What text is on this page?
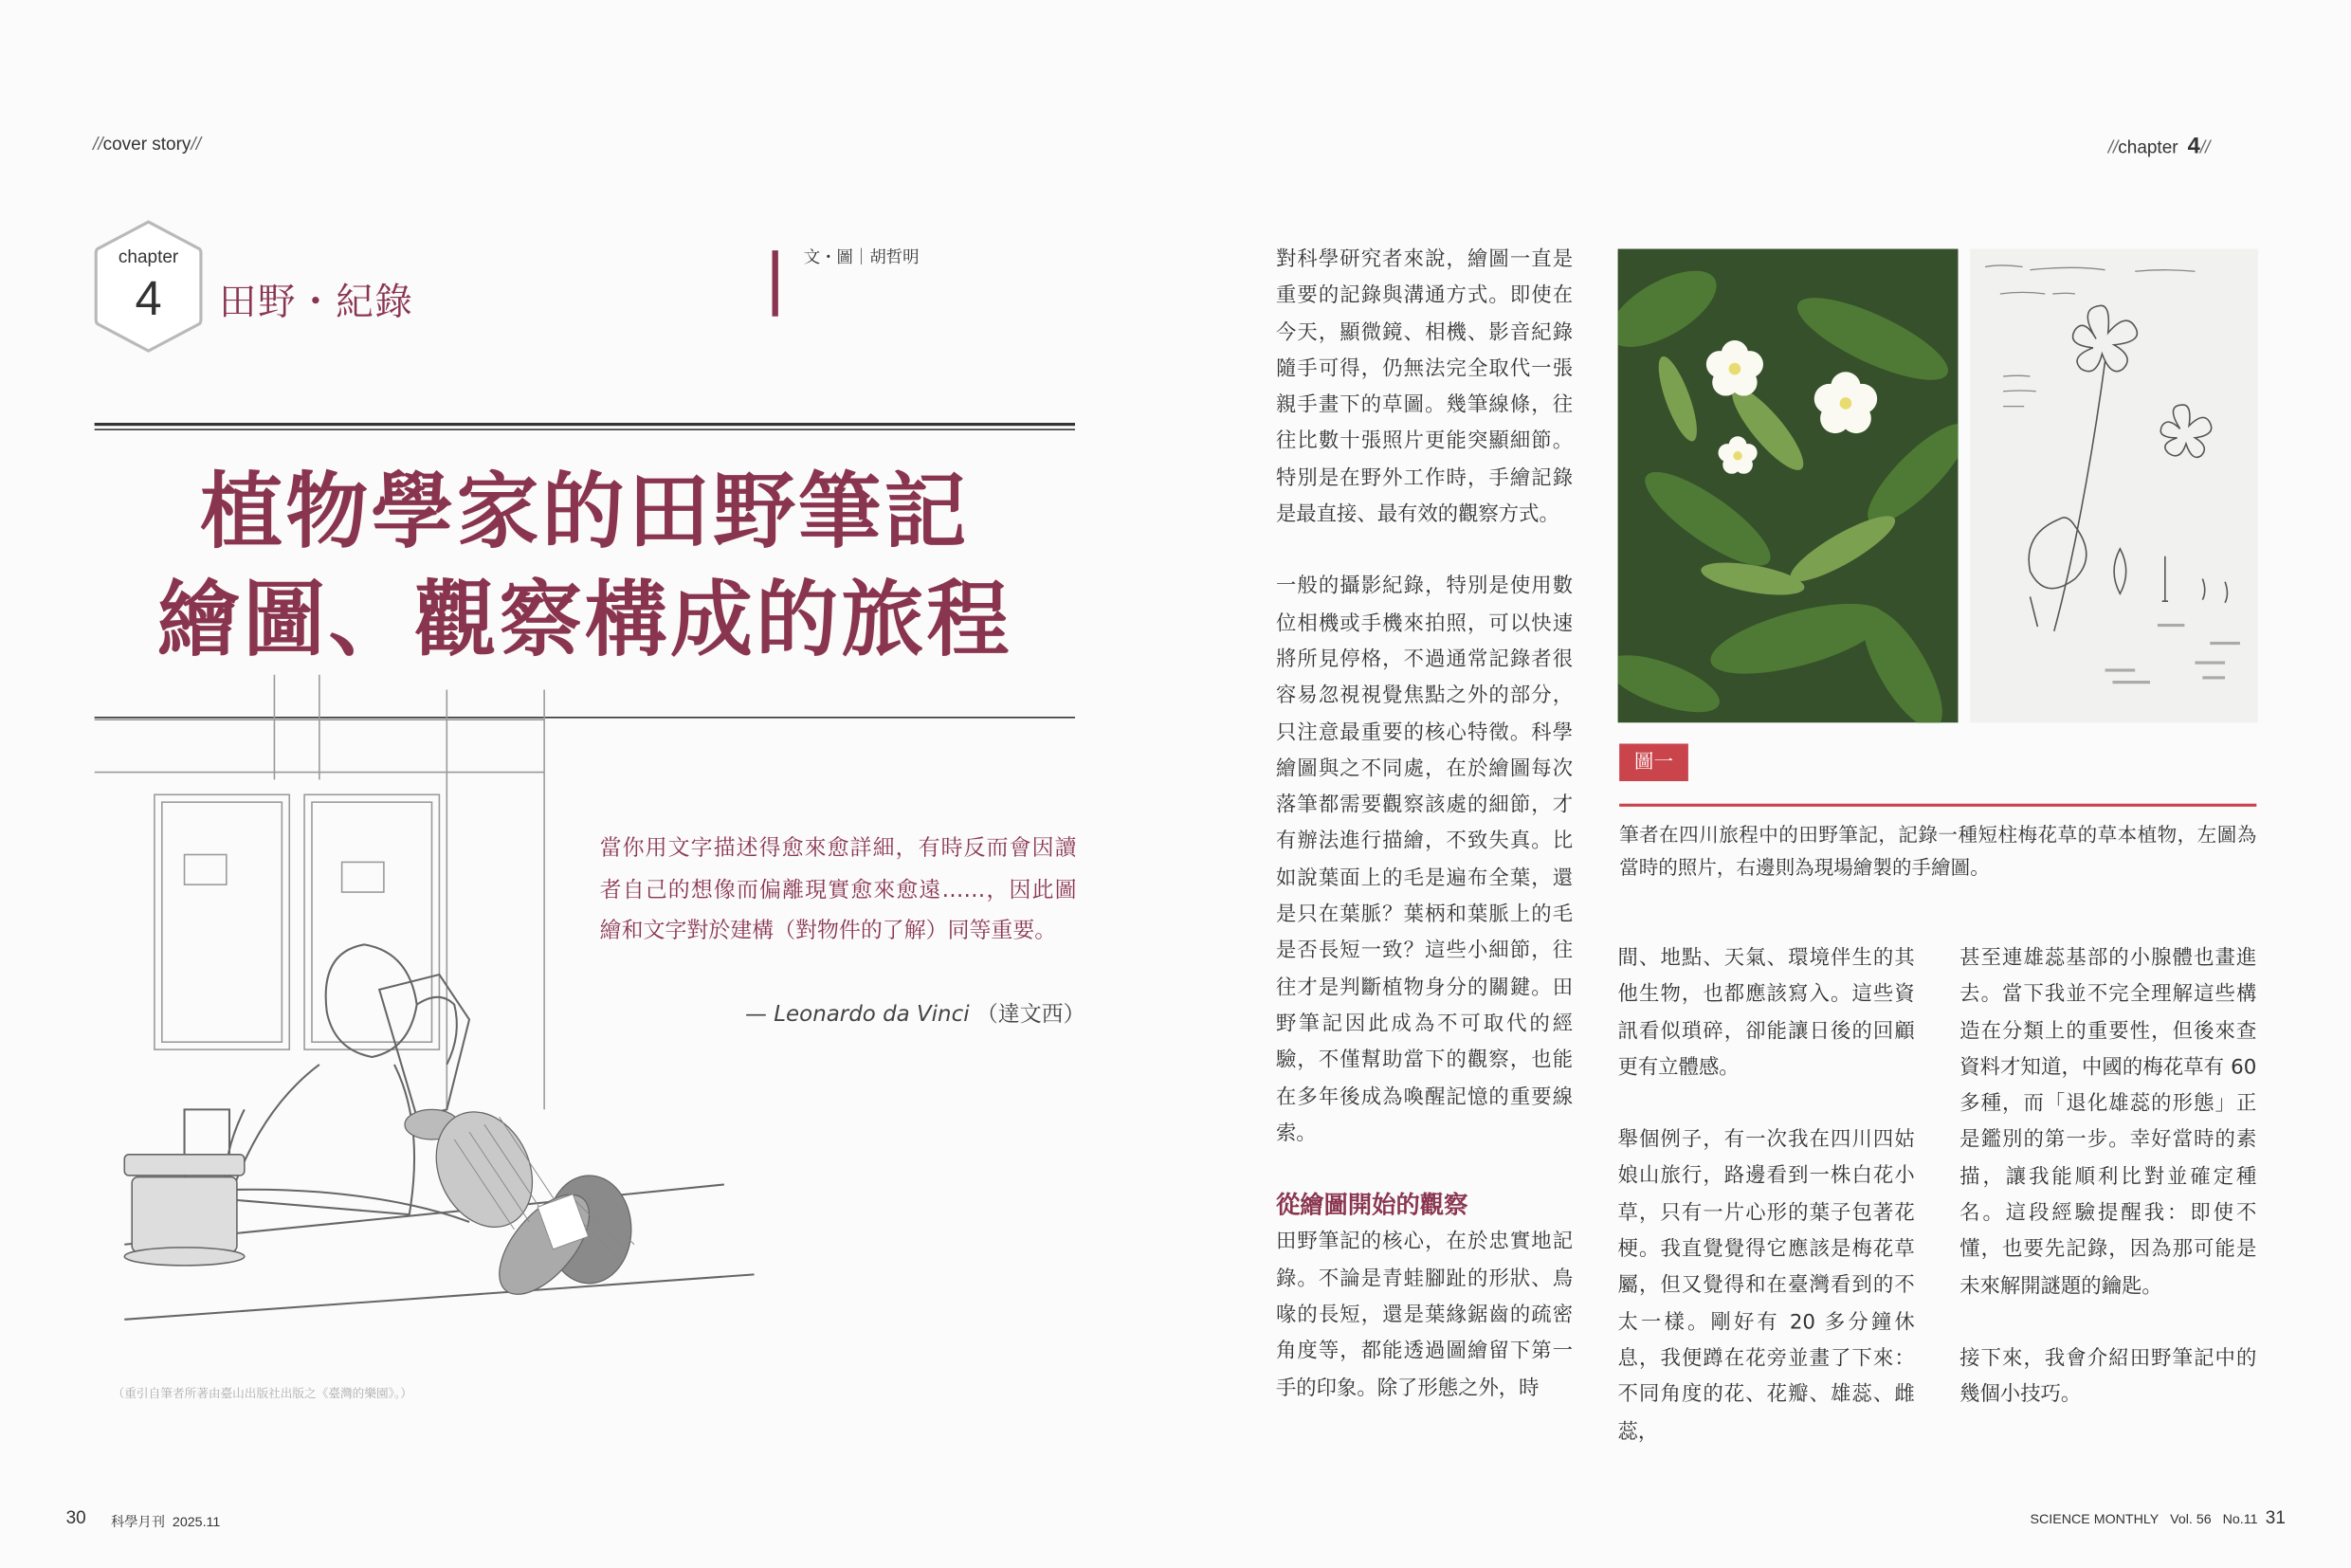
//cover story//	//chapter 4//
chapter
4	田野・紀錄
文・圖｜胡哲明
植物學家的田野筆記
繪圖、觀察構成的旅程
當你用文字描述得愈來愈詳細，有時反而會因讀者自己的想像而偏離現實愈來愈遠……，因此圖繪和文字對於建構（對物件的了解）同等重要。
— Leonardo da Vinci （達文西）
（重引自筆者所著由臺山出版社出版之《臺灣的樂園》。）

對科學研究者來說，繪圖一直是重要的記錄與溝通方式。即使在今天，顯微鏡、相機、影音紀錄隨手可得，仍無法完全取代一張親手畫下的草圖。幾筆線條，往往比數十張照片更能突顯細節。特別是在野外工作時，手繪記錄是最直接、最有效的觀察方式。

一般的攝影紀錄，特別是使用數位相機或手機來拍照，可以快速將所見停格，不過通常記錄者很容易忽視視覺焦點之外的部分，只注意最重要的核心特徵。科學繪圖與之不同處，在於繪圖每次落筆都需要觀察該處的細節，才有辦法進行描繪，不致失真。比如說葉面上的毛是遍布全葉，還是只在葉脈？葉柄和葉脈上的毛是否長短一致？這些小細節，往往才是判斷植物身分的關鍵。田野筆記因此成為不可取代的經驗，不僅幫助當下的觀察，也能在多年後成為喚醒記憶的重要線索。

從繪圖開始的觀察

田野筆記的核心，在於忠實地記錄。不論是青蛙腳趾的形狀、鳥喙的長短，還是葉緣鋸齒的疏密角度等，都能透過圖繪留下第一手的印象。除了形態之外，時

圖一
筆者在四川旅程中的田野筆記，記錄一種短柱梅花草的草本植物，左圖為當時的照片，右邊則為現場繪製的手繪圖。

間、地點、天氣、環境伴生的其他生物，也都應該寫入。這些資訊看似瑣碎，卻能讓日後的回顧更有立體感。

舉個例子，有一次我在四川四姑娘山旅行，路邊看到一株白花小草，只有一片心形的葉子包著花梗。我直覺覺得它應該是梅花草屬，但又覺得和在臺灣看到的不太一樣。剛好有 20 多分鐘休息，我便蹲在花旁並畫了下來：不同角度的花、花瓣、雄蕊、雌蕊，

甚至連雄蕊基部的小腺體也畫進去。當下我並不完全理解這些構造在分類上的重要性，但後來查資料才知道，中國的梅花草有 60 多種，而「退化雄蕊的形態」正是鑑別的第一步。幸好當時的素描，讓我能順利比對並確定種名。這段經驗提醒我：即使不懂，也要先記錄，因為那可能是未來解開謎題的鑰匙。

接下來，我會介紹田野筆記中的幾個小技巧。

30	科學月刊 2025.11	SCIENCE MONTHLY Vol. 56 No.11 31
